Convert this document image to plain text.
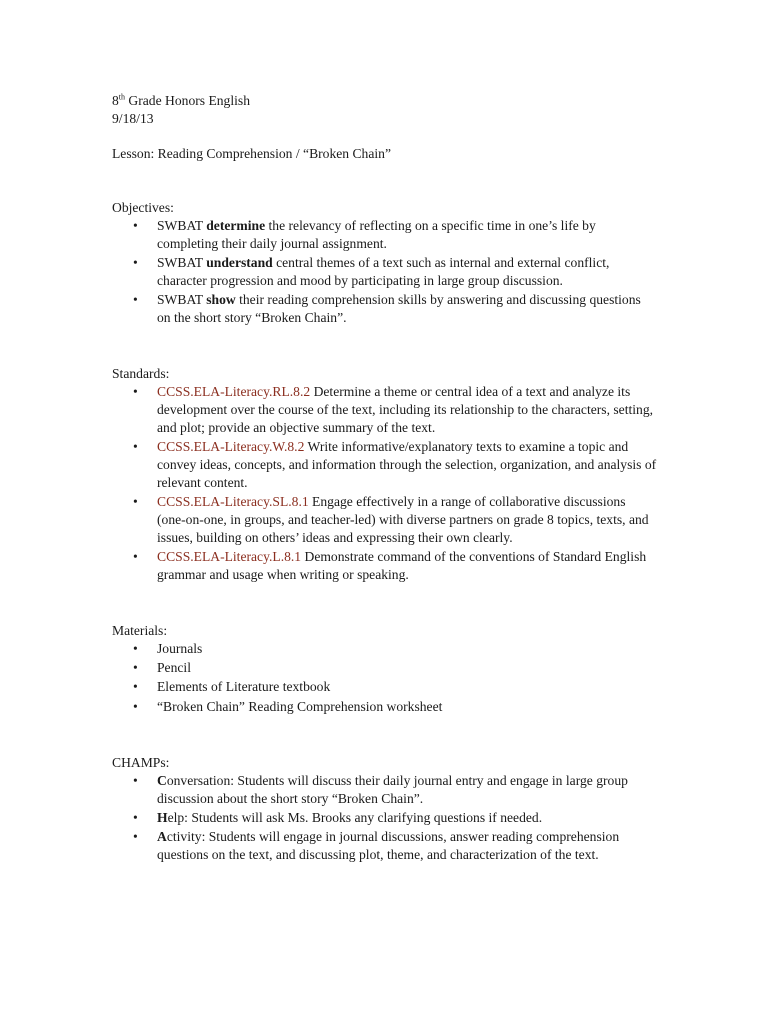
8th Grade Honors English

9/18/13

Lesson: Reading Comprehension / “Broken Chain”

Objectives:

• SWBAT determine the relevancy of reflecting on a specific time in one’s life by completing their daily journal assignment.
• SWBAT understand central themes of a text such as internal and external conflict, character progression and mood by participating in large group discussion.
• SWBAT show their reading comprehension skills by answering and discussing questions on the short story “Broken Chain”.

Standards:

• CCSS.ELA-Literacy.RL.8.2 Determine a theme or central idea of a text and analyze its development over the course of the text, including its relationship to the characters, setting, and plot; provide an objective summary of the text.
• CCSS.ELA-Literacy.W.8.2 Write informative/explanatory texts to examine a topic and convey ideas, concepts, and information through the selection, organization, and analysis of relevant content.
• CCSS.ELA-Literacy.SL.8.1 Engage effectively in a range of collaborative discussions (one-on-one, in groups, and teacher-led) with diverse partners on grade 8 topics, texts, and issues, building on others’ ideas and expressing their own clearly.
• CCSS.ELA-Literacy.L.8.1 Demonstrate command of the conventions of Standard English grammar and usage when writing or speaking.

Materials:

• Journals
• Pencil
• Elements of Literature textbook
• “Broken Chain” Reading Comprehension worksheet

CHAMPs:

• Conversation: Students will discuss their daily journal entry and engage in large group discussion about the short story “Broken Chain”.
• Help: Students will ask Ms. Brooks any clarifying questions if needed.
• Activity: Students will engage in journal discussions, answer reading comprehension questions on the text, and discussing plot, theme, and characterization of the text.
